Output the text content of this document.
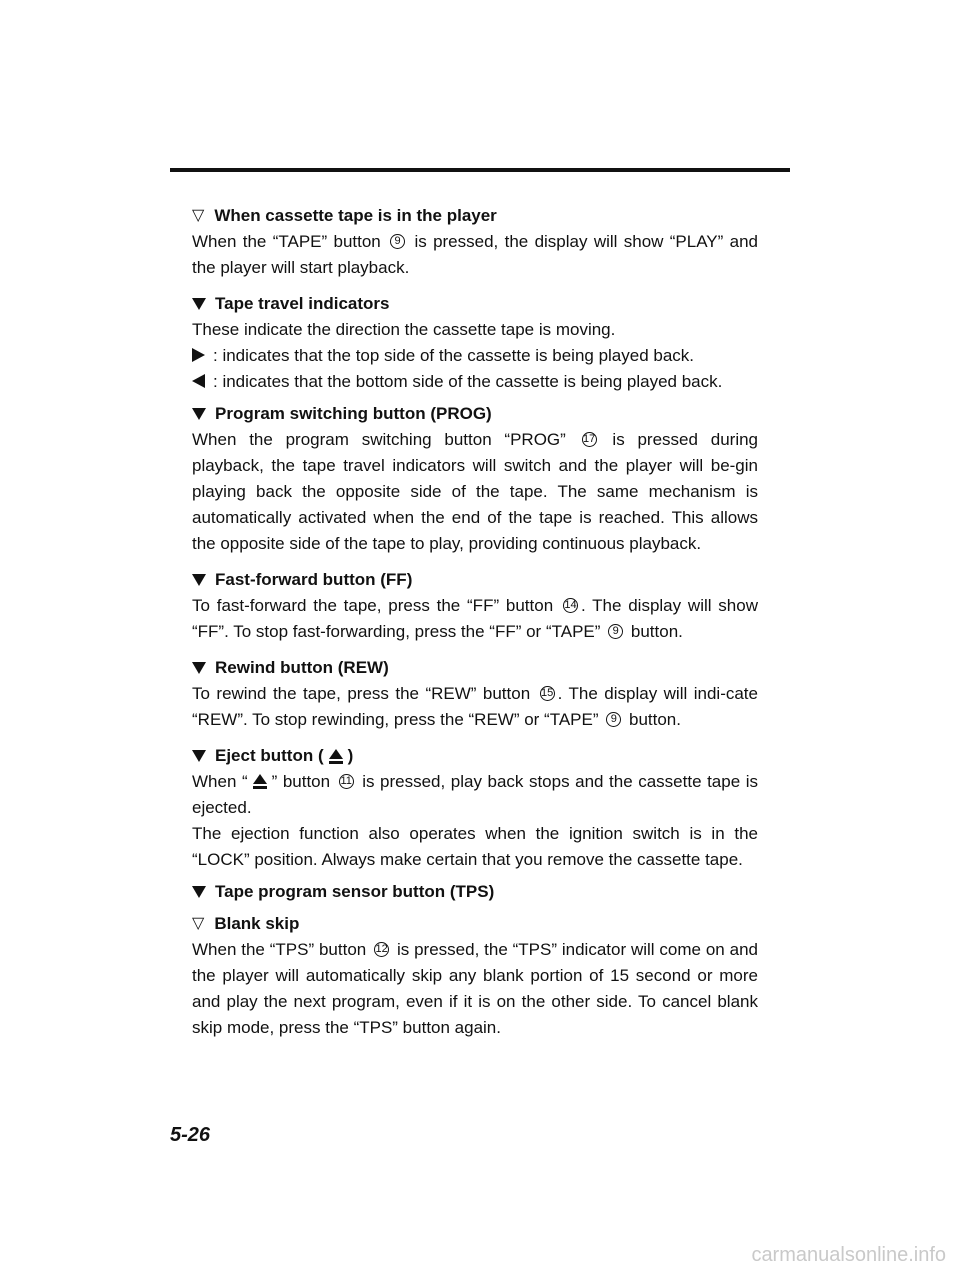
▽ When cassette tape is in the player

When the “TAPE” button 9 is pressed, the display will show “PLAY” and the player will start playback.

Tape travel indicators

These indicate the direction the cassette tape is moving.

: indicates that the top side of the cassette is being played back.

: indicates that the bottom side of the cassette is being played back.

Program switching button (PROG)

When the program switching button “PROG” 17 is pressed during playback, the tape travel indicators will switch and the player will be-gin playing back the opposite side of the tape. The same mechanism is automatically activated when the end of the tape is reached. This allows the opposite side of the tape to play, providing continuous playback.

Fast-forward button (FF)

To fast-forward the tape, press the “FF” button 14 . The display will show “FF”. To stop fast-forwarding, press the “FF” or “TAPE” 9 button.

Rewind button (REW)

To rewind the tape, press the “REW” button 15 . The display will indi-cate “REW”. To stop rewinding, press the “REW” or “TAPE” 9 button.

Eject button ( )

When “ ” button 11 is pressed, play back stops and the cassette tape is ejected.

The ejection function also operates when the ignition switch is in the “LOCK” position. Always make certain that you remove the cassette tape.

Tape program sensor button (TPS)
▽ Blank skip

When the “TPS” button 12 is pressed, the “TPS” indicator will come on and the player will automatically skip any blank portion of 15 second or more and play the next program, even if it is on the other side. To cancel blank skip mode, press the “TPS” button again.

5-26
carmanualsonline.info
